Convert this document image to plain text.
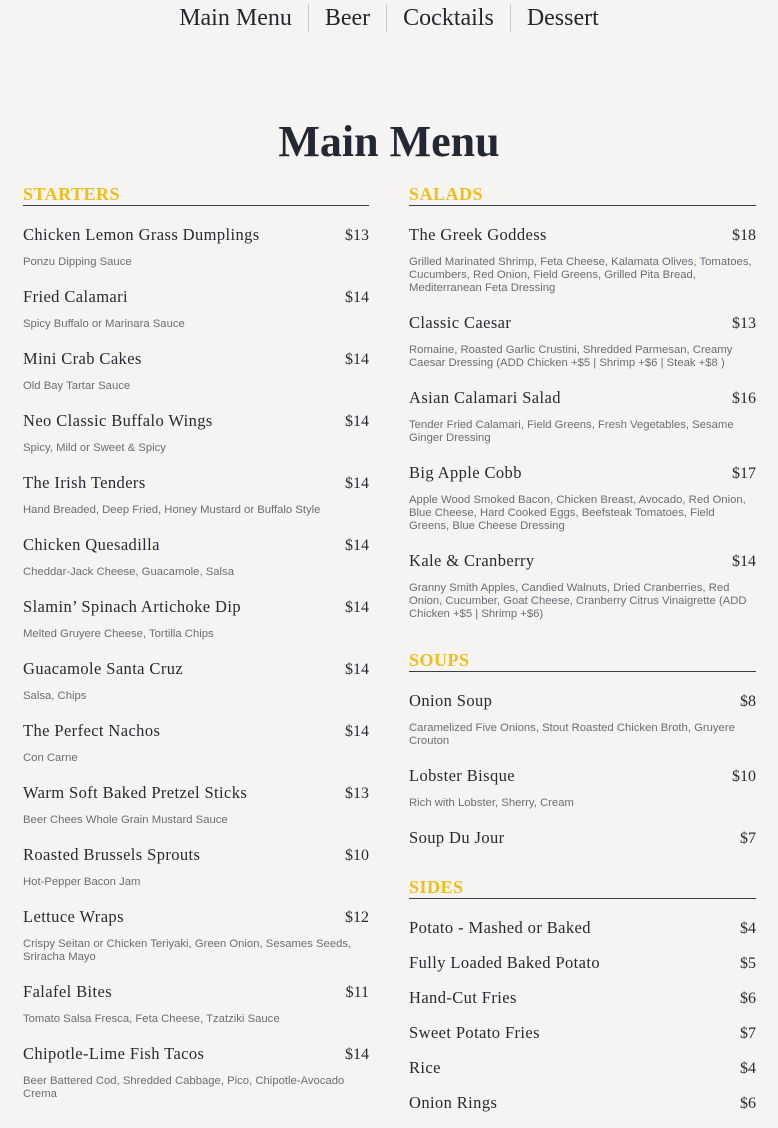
Main Menu	Beer	Cocktails	Dessert
Main Menu
STARTERS
Chicken Lemon Grass Dumplings	$13
Ponzu Dipping Sauce
Fried Calamari	$14
Spicy Buffalo or Marinara Sauce
Mini Crab Cakes	$14
Old Bay Tartar Sauce
Neo Classic Buffalo Wings	$14
Spicy, Mild or Sweet & Spicy
The Irish Tenders	$14
Hand Breaded, Deep Fried, Honey Mustard or Buffalo Style
Chicken Quesadilla	$14
Cheddar-Jack Cheese, Guacamole, Salsa
Slamin’ Spinach Artichoke Dip	$14
Melted Gruyere Cheese, Tortilla Chips
Guacamole Santa Cruz	$14
Salsa, Chips
The Perfect Nachos	$14
Con Carne
Warm Soft Baked Pretzel Sticks	$13
Beer Chees Whole Grain Mustard Sauce
Roasted Brussels Sprouts	$10
Hot-Pepper Bacon Jam
Lettuce Wraps	$12
Crispy Seitan or Chicken Teriyaki, Green Onion, Sesames Seeds, Sriracha Mayo
Falafel Bites	$11
Tomato Salsa Fresca, Feta Cheese, Tzatziki Sauce
Chipotle-Lime Fish Tacos	$14
Beer Battered Cod, Shredded Cabbage, Pico, Chipotle-Avocado Crema
SALADS
The Greek Goddess	$18
Grilled Marinated Shrimp, Feta Cheese, Kalamata Olives, Tomatoes, Cucumbers, Red Onion, Field Greens, Grilled Pita Bread, Mediterranean Feta Dressing
Classic Caesar	$13
Romaine, Roasted Garlic Crustini, Shredded Parmesan, Creamy Caesar Dressing (ADD Chicken +$5 | Shrimp +$6 | Steak +$8 )
Asian Calamari Salad	$16
Tender Fried Calamari, Field Greens, Fresh Vegetables, Sesame Ginger Dressing
Big Apple Cobb	$17
Apple Wood Smoked Bacon, Chicken Breast, Avocado, Red Onion, Blue Cheese, Hard Cooked Eggs, Beefsteak Tomatoes, Field Greens, Blue Cheese Dressing
Kale & Cranberry	$14
Granny Smith Apples, Candied Walnuts, Dried Cranberries, Red Onion, Cucumber, Goat Cheese, Cranberry Citrus Vinaigrette (ADD Chicken +$5 | Shrimp +$6)
SOUPS
Onion Soup	$8
Caramelized Five Onions, Stout Roasted Chicken Broth, Gruyere Crouton
Lobster Bisque	$10
Rich with Lobster, Sherry, Cream
Soup Du Jour	$7
SIDES
Potato - Mashed or Baked	$4
Fully Loaded Baked Potato	$5
Hand-Cut Fries	$6
Sweet Potato Fries	$7
Rice	$4
Onion Rings	$6
